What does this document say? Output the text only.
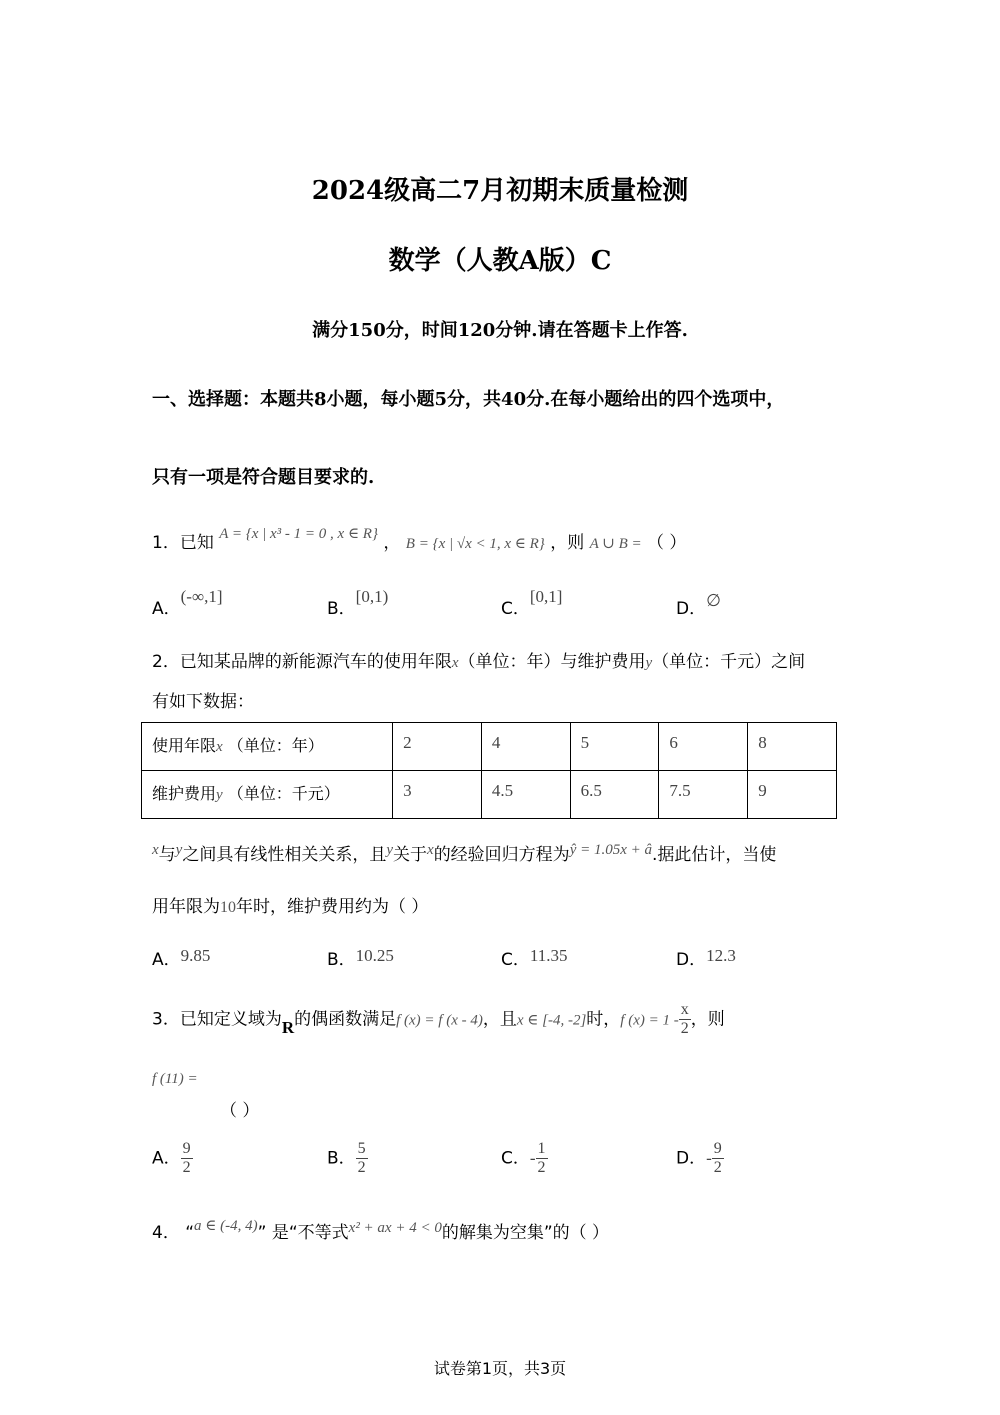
2024级高二7月初期末质量检测
数学（人教A版）C
满分150分，时间120分钟.请在答题卡上作答.
一、选择题：本题共8小题，每小题5分，共40分.在每小题给出的四个选项中，
只有一项是符合题目要求的.
1．已知 A = {x | x³ - 1 = 0 , x ∈ R} ， B = {x | √x < 1, x ∈ R} ，则 A ∪ B = （ ）
A．(-∞,1]
B．[0,1)
C．[0,1]
D．∅
2．已知某品牌的新能源汽车的使用年限x（单位：年）与维护费用y（单位：千元）之间
有如下数据：
使用年限x （单位：年）	2	4	5	6	8
维护费用y （单位：千元）	3	4.5	6.5	7.5	9
x与y之间具有线性相关关系，且y关于x的经验回归方程为ŷ = 1.05x + â.据此估计，当使
用年限为10年时，维护费用约为（ ）
A．9.85	B．10.25	C．11.35	D．12.3
3．已知定义域为R的偶函数满足f (x) = f (x - 4)，且x ∈ [-4, -2]时，f $(x) = 1 - \frac{x}{2}$ ，则
f (11) =
（ ）
A． $\frac{9}{2}$	B． $\frac{5}{2}$	C．- $\frac{1}{2}$	D．- $\frac{9}{2}$
4． “a ∈ (-4, 4)” 是“不等式x² + ax + 4 < 0的解集为空集”的（ ）
试卷第1页，共3页
